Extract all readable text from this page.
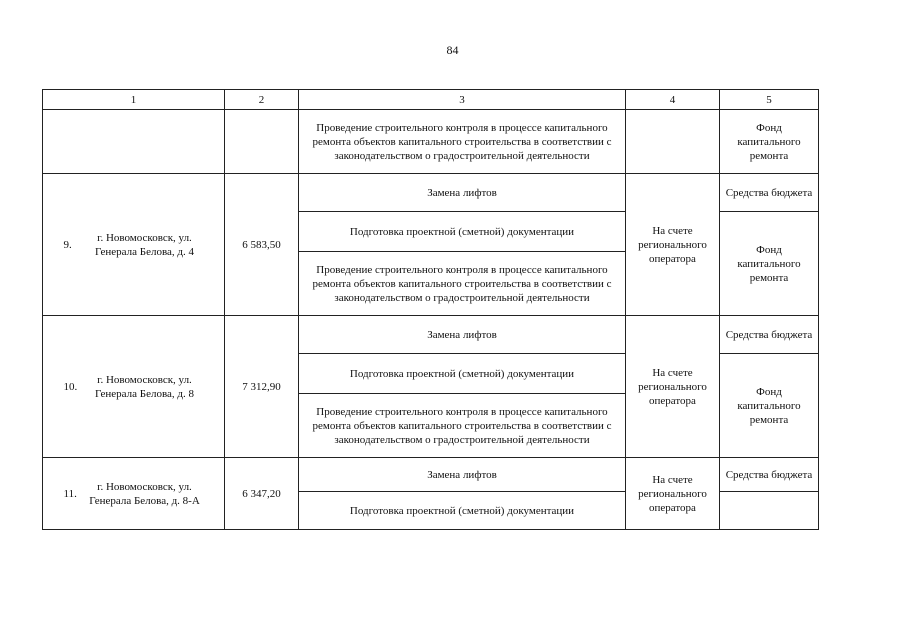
84
1	2	3	4	5
		Проведение строительного контроля в процессе капитального ремонта объектов капитального строительства в соответствии с законодательством о градостроительной деятельности		Фонд капитального ремонта
9.г. Новомосковск, ул. Генерала Белова, д. 4	6 583,50	Замена лифтов	На счете регионального оператора	Средства бюджета
		Подготовка проектной (сметной) документации		Фонд капитального ремонта
		Проведение строительного контроля в процессе капитального ремонта объектов капитального строительства в соответствии с законодательством о градостроительной деятельности		
10.г. Новомосковск, ул. Генерала Белова, д. 8	7 312,90	Замена лифтов	На счете регионального оператора	Средства бюджета
		Подготовка проектной (сметной) документации		Фонд капитального ремонта
		Проведение строительного контроля в процессе капитального ремонта объектов капитального строительства в соответствии с законодательством о градостроительной деятельности		
11.г. Новомосковск, ул. Генерала Белова, д. 8-А	6 347,20	Замена лифтов	На счете регионального оператора	Средства бюджета
		Подготовка проектной (сметной) документации		
